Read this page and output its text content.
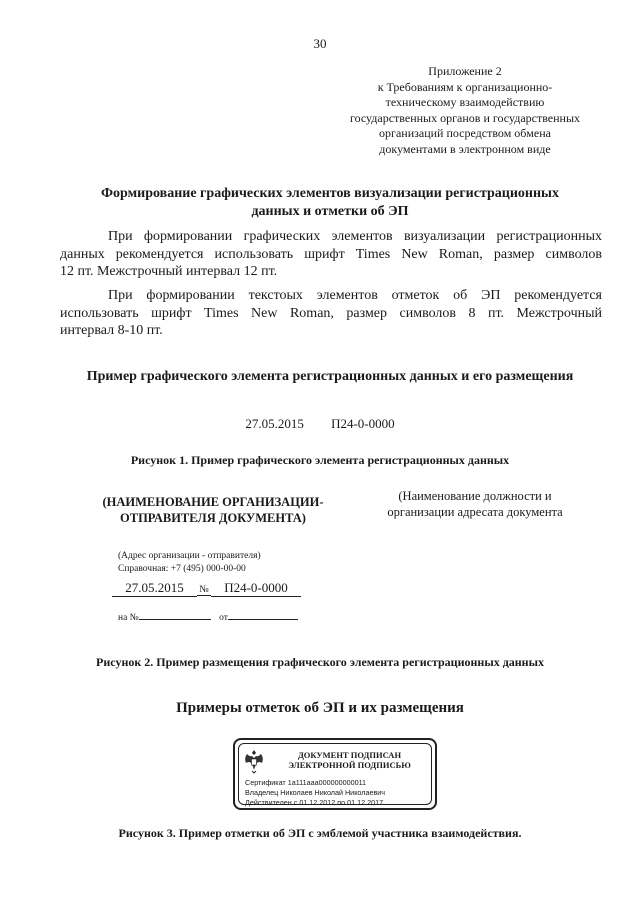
30
Приложение 2
к Требованиям к организационно-
техническому взаимодействию
государственных органов и государственных
организаций посредством обмена
документами в электронном виде
Формирование графических элементов визуализации регистрационных
данных и отметки об ЭП
При формировании графических элементов визуализации регистрационных
данных рекомендуется использовать шрифт Times New Roman, размер символов
12 пт. Межстрочный интервал 12 пт.
При формировании текстоых элементов отметок об ЭП рекомендуется
использовать шрифт Times New Roman, размер символов 8 пт. Межстрочный
интервал 8-10 пт.
Пример графического элемента регистрационных данных и его размещения
27.05.2015 П24-0-0000
Рисунок 1. Пример графического элемента регистрационных данных
(НАИМЕНОВАНИЕ ОРГАНИЗАЦИИ-
ОТПРАВИТЕЛЯ ДОКУМЕНТА)
(Наименование должности и
организации адресата документа
(Адрес организации - отправителя)
Справочная: +7 (495) 000-00-00
27.05.2015 № П24-0-0000
на №	от
Рисунок 2. Пример размещения графического элемента регистрационных данных
Примеры отметок об ЭП и их размещения
ДОКУМЕНТ ПОДПИСАН
ЭЛЕКТРОННОЙ ПОДПИСЬЮ
Сертификат 1a111aaa000000000011
Владелец Николаев Николай Николаевич
Действителен с 01.12.2012 по 01.12.2017
Рисунок 3. Пример отметки об ЭП с эмблемой участника взаимодействия.
